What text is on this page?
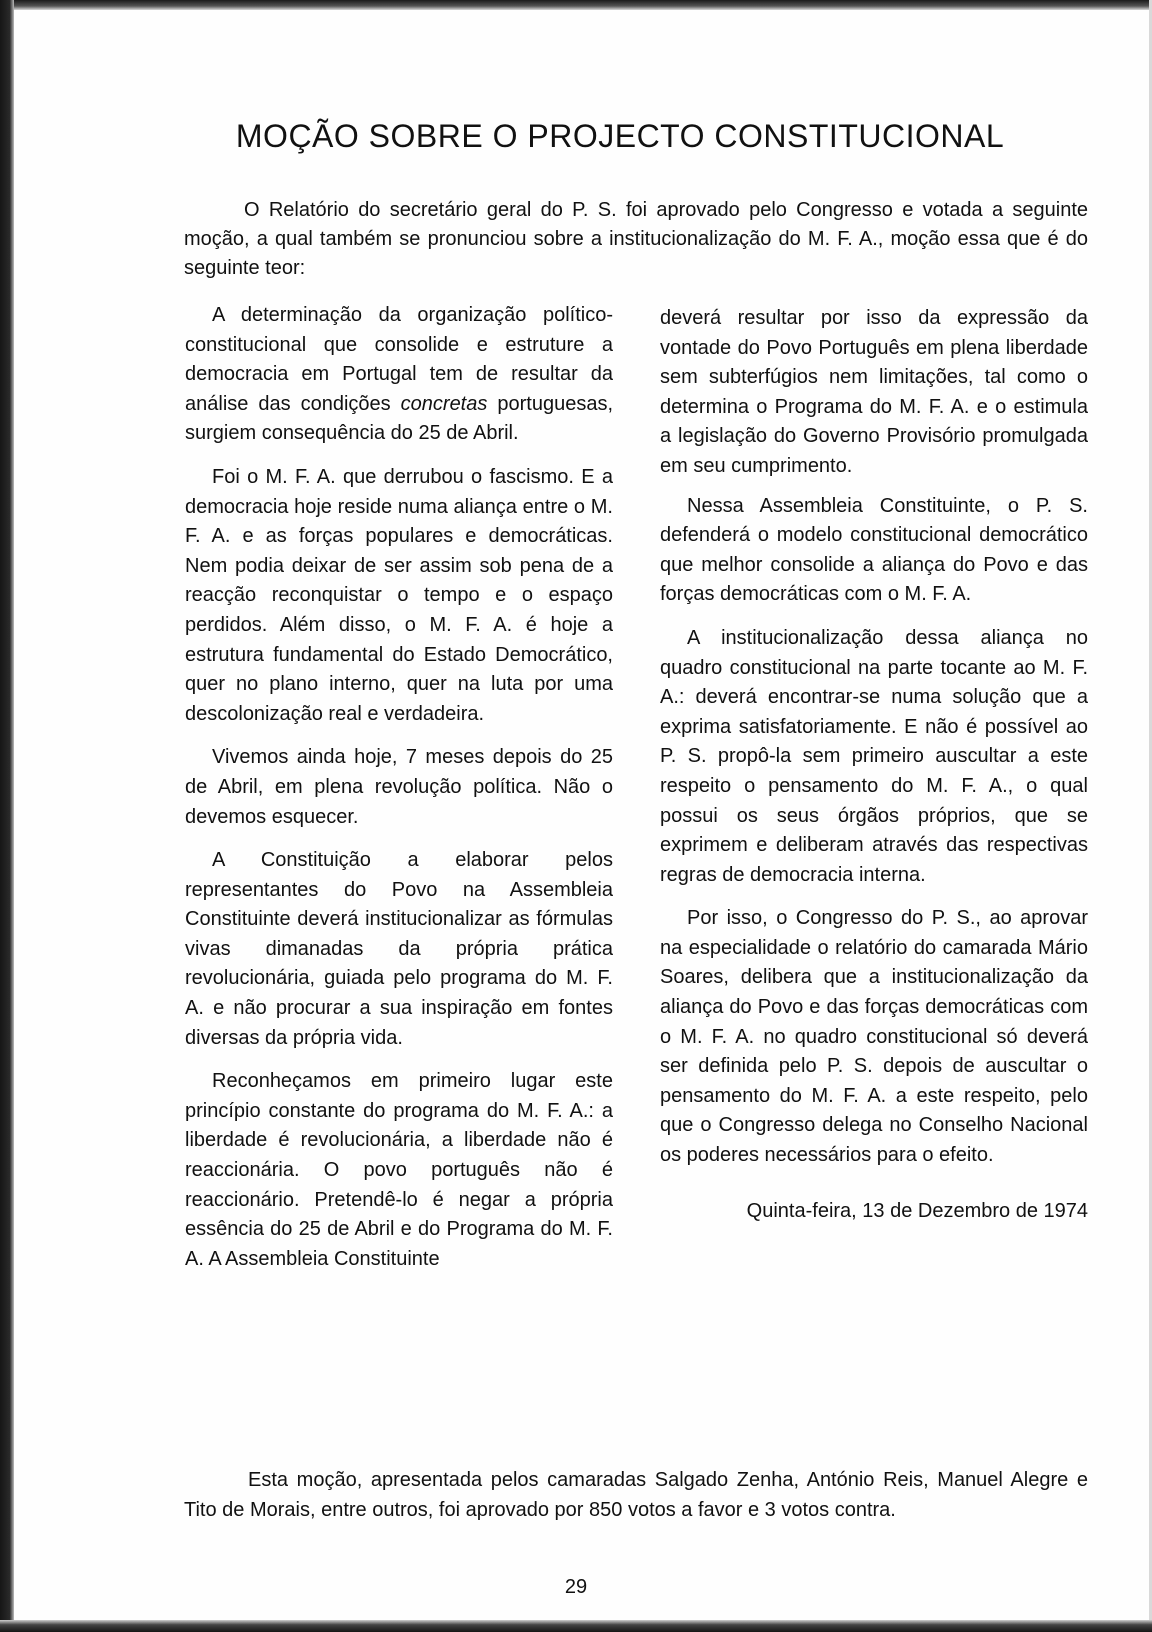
MOÇÃO SOBRE O PROJECTO CONSTITUCIONAL

O Relatório do secretário geral do P. S. foi aprovado pelo Congresso e votada a seguinte moção, a qual também se pronunciou sobre a institucionalização do M. F. A., moção essa que é do seguinte teor:

A determinação da organização político-constitucional que consolide e estruture a democracia em Portugal tem de resultar da análise das condições concretas portuguesas, surgiem consequência do 25 de Abril.

Foi o M. F. A. que derrubou o fascismo. E a democracia hoje reside numa aliança entre o M. F. A. e as forças populares e democráticas. Nem podia deixar de ser assim sob pena de a reacção reconquistar o tempo e o espaço perdidos. Além disso, o M. F. A. é hoje a estrutura fundamental do Estado Democrático, quer no plano interno, quer na luta por uma descolonização real e verdadeira.

Vivemos ainda hoje, 7 meses depois do 25 de Abril, em plena revolução política. Não o devemos esquecer.

A Constituição a elaborar pelos representantes do Povo na Assembleia Constituinte deverá institucionalizar as fórmulas vivas dimanadas da própria prática revolucionária, guiada pelo programa do M. F. A. e não procurar a sua inspiração em fontes diversas da própria vida.

Reconheçamos em primeiro lugar este princípio constante do programa do M. F. A.: a liberdade é revolucionária, a liberdade não é reaccionária. O povo português não é reaccionário. Pretendê-lo é negar a própria essência do 25 de Abril e do Programa do M. F. A. A Assembleia Constituinte

deverá resultar por isso da expressão da vontade do Povo Português em plena liberdade sem subterfúgios nem limitações, tal como o determina o Programa do M. F. A. e o estimula a legislação do Governo Provisório promulgada em seu cumprimento.

Nessa Assembleia Constituinte, o P. S. defenderá o modelo constitucional democrático que melhor consolide a aliança do Povo e das forças democráticas com o M. F. A.

A institucionalização dessa aliança no quadro constitucional na parte tocante ao M. F. A.: deverá encontrar-se numa solução que a exprima satisfatoriamente. E não é possível ao P. S. propô-la sem primeiro auscultar a este respeito o pensamento do M. F. A., o qual possui os seus órgãos próprios, que se exprimem e deliberam através das respectivas regras de democracia interna.

Por isso, o Congresso do P. S., ao aprovar na especialidade o relatório do camarada Mário Soares, delibera que a institucionalização da aliança do Povo e das forças democráticas com o M. F. A. no quadro constitucional só deverá ser definida pelo P. S. depois de auscultar o pensamento do M. F. A. a este respeito, pelo que o Congresso delega no Conselho Nacional os poderes necessários para o efeito.

Quinta-feira, 13 de Dezembro de 1974

Esta moção, apresentada pelos camaradas Salgado Zenha, António Reis, Manuel Alegre e Tito de Morais, entre outros, foi aprovado por 850 votos a favor e 3 votos contra.

29
